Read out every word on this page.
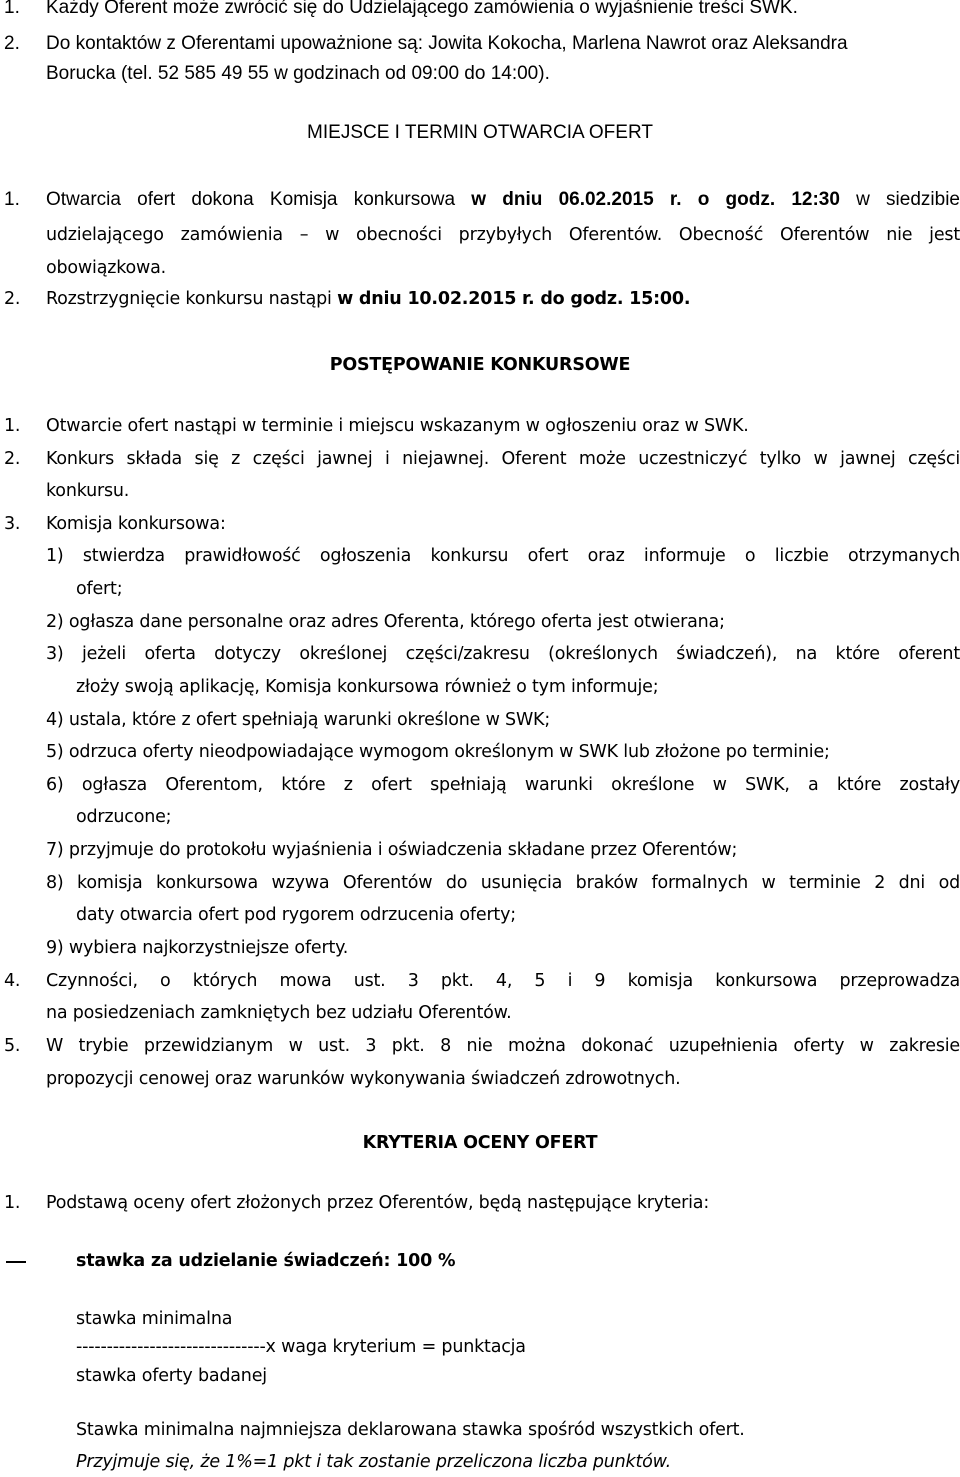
1. Każdy Oferent może zwrócić się do Udzielającego zamówienia o wyjaśnienie treści SWK.
2. Do kontaktów z Oferentami upoważnione są: Jowita Kokocha, Marlena Nawrot oraz Aleksandra
Borucka (tel. 52 585 49 55 w godzinach od 09:00 do 14:00).
MIEJSCE I TERMIN OTWARCIA OFERT
1. Otwarcia ofert dokona Komisja konkursowa w dniu 06.02.2015 r. o godz. 12:30 w siedzibie
udzielającego zamówienia – w obecności przybyłych Oferentów. Obecność Oferentów nie jest
obowiązkowa.
2. Rozstrzygnięcie konkursu nastąpi w dniu 10.02.2015 r. do godz. 15:00.
POSTĘPOWANIE KONKURSOWE
1. Otwarcie ofert nastąpi w terminie i miejscu wskazanym w ogłoszeniu oraz w SWK.
2. Konkurs składa się z części jawnej i niejawnej. Oferent może uczestniczyć tylko w jawnej części
konkursu.
3. Komisja konkursowa:
1) stwierdza prawidłowość ogłoszenia konkursu ofert oraz informuje o liczbie otrzymanych
ofert;
2) ogłasza dane personalne oraz adres Oferenta, którego oferta jest otwierana;
3) jeżeli oferta dotyczy określonej części/zakresu (określonych świadczeń), na które oferent
złoży swoją aplikację, Komisja konkursowa również o tym informuje;
4) ustala, które z ofert spełniają warunki określone w SWK;
5) odrzuca oferty nieodpowiadające wymogom określonym w SWK lub złożone po terminie;
6) ogłasza Oferentom, które z ofert spełniają warunki określone w SWK, a które zostały
odrzucone;
7) przyjmuje do protokołu wyjaśnienia i oświadczenia składane przez Oferentów;
8) komisja konkursowa wzywa Oferentów do usunięcia braków formalnych w terminie 2 dni od
daty otwarcia ofert pod rygorem odrzucenia oferty;
9) wybiera najkorzystniejsze oferty.
4. Czynności, o których mowa ust. 3 pkt. 4, 5 i 9 komisja konkursowa przeprowadza
na posiedzeniach zamkniętych bez udziału Oferentów.
5. W trybie przewidzianym w ust. 3 pkt. 8 nie można dokonać uzupełnienia oferty w zakresie
propozycji cenowej oraz warunków wykonywania świadczeń zdrowotnych.
KRYTERIA OCENY OFERT
1. Podstawą oceny ofert złożonych przez Oferentów, będą następujące kryteria:
stawka za udzielanie świadczeń: 100 %
stawka minimalna
-------------------------------x waga kryterium = punktacja
stawka oferty badanej
Stawka minimalna najmniejsza deklarowana stawka spośród wszystkich ofert.
Przyjmuje się, że 1%=1 pkt i tak zostanie przeliczona liczba punktów.
